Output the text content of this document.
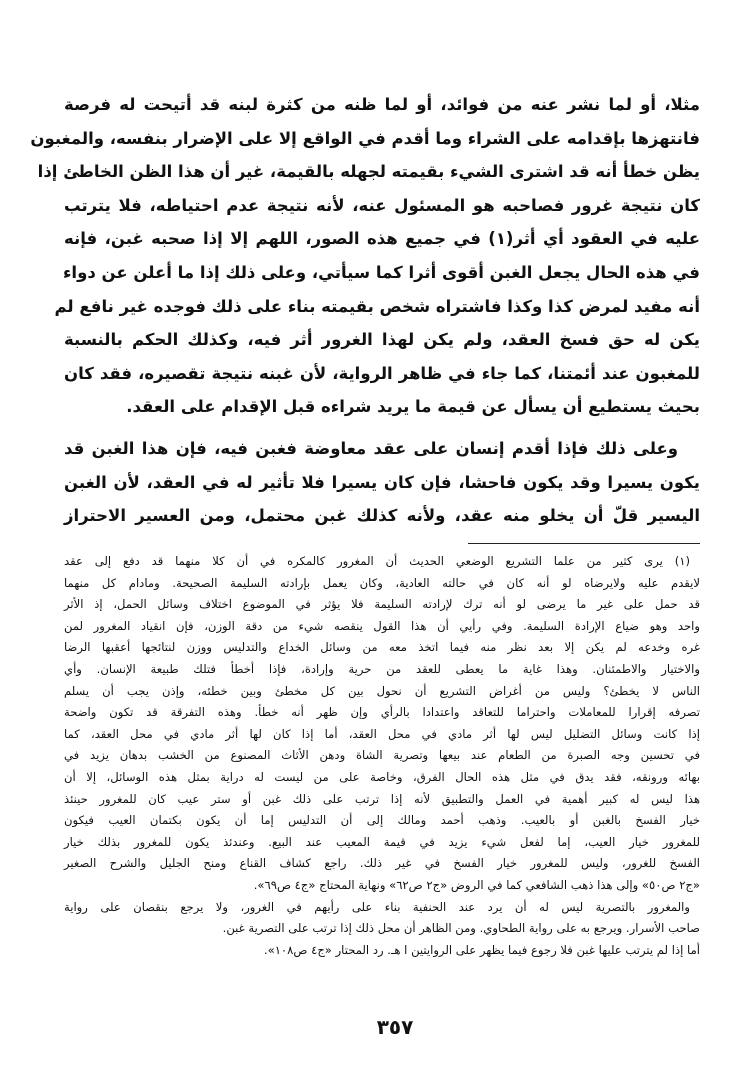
مثلا، أو لما نشر عنه من فوائد، أو لما ظنه من كثرة لبنه قد أتيحت له فرصة
فانتهزها بإقدامه على الشراء وما أقدم في الواقع إلا على الإضرار بنفسه، والمغبون
يظن خطأ أنه قد اشترى الشيء بقيمته لجهله بالقيمة، غير أن هذا الظن الخاطئ إذا
كان نتيجة غرور فصاحبه هو المسئول عنه، لأنه نتيجة عدم احتياطه، فلا يترتب
عليه في العقود أي أثر(١) في جميع هذه الصور، اللهم إلا إذا صحبه غبن، فإنه
في هذه الحال يجعل الغبن أقوى أثرا كما سيأتي، وعلى ذلك إذا ما أعلن عن دواء
أنه مفيد لمرض كذا وكذا فاشتراه شخص بقيمته بناء على ذلك فوجده غير نافع لم
يكن له حق فسخ العقد، ولم يكن لهذا الغرور أثر فيه، وكذلك الحكم بالنسبة
للمغبون عند أئمتنا، كما جاء في ظاهر الرواية، لأن غبنه نتيجة تقصيره، فقد كان
بحيث يستطيع أن يسأل عن قيمة ما يريد شراءه قبل الإقدام على العقد.
وعلى ذلك فإذا أقدم إنسان على عقد معاوضة فغبن فيه، فإن هذا الغبن قد
يكون يسيرا وقد يكون فاحشا، فإن كان يسيرا فلا تأثير له في العقد، لأن الغبن
اليسير قلّ أن يخلو منه عقد، ولأنه كذلك غبن محتمل، ومن العسير الاحتراز
(١) يرى كثير من علما التشريع الوضعي الحديث أن المغرور كالمكره في أن كلا منهما قد دفع إلى عقد
لايقدم عليه ولايرضاه لو أنه كان في حالته العادية، وكان يعمل بإرادته السليمة الصحيحة. ومادام كل منهما
قد حمل على غير ما يرضى لو أنه ترك لإرادته السليمة فلا يؤثر في الموضوع اختلاف وسائل الحمل، إذ الأثر
واحد وهو ضياع الإرادة السليمة. وفي رأيي أن هذا القول ينقصه شيء من دقة الوزن، فإن انقياد المغرور لمن
غره وخدعه لم يكن إلا بعد نظر منه فيما اتخذ معه من وسائل الخداع والتدليس ووزن لنتائجها أعقبها الرضا
والاختيار والاطمئنان. وهذا غاية ما يعطى للعقد من حرية وإرادة، فإذا أخطأ فتلك طبيعة الإنسان. وأي
الناس لا يخطئ؟ وليس من أغراض التشريع أن نحول بين كل مخطئ وبين خطئه، وإذن يجب أن يسلم
تصرفه إقرارا للمعاملات واحتراما للتعاقد واعتدادا بالرأي وإن ظهر أنه خطأ. وهذه التفرقة قد تكون واضحة
إذا كانت وسائل التضليل ليس لها أثر مادي في محل العقد، أما إذا كان لها أثر مادي في محل العقد، كما
في تحسين وجه الصبرة من الطعام عند بيعها وتصرية الشاة ودهن الأثاث المصنوع من الخشب بدهان يزيد في
بهائه ورونقه، فقد يدق في مثل هذه الحال الفرق، وخاصة على من ليست له دراية بمثل هذه الوسائل، إلا أن
هذا ليس له كبير أهمية في العمل والتطبيق لأنه إذا ترتب على ذلك غبن أو ستر عيب كان للمغرور حينئذ
خيار الفسخ بالغبن أو بالعيب. وذهب أحمد ومالك إلى أن التدليس إما أن يكون بكتمان العيب فيكون
للمغرور خيار العيب، إما لفعل شيء يزيد في قيمة المعيب عند البيع. وعندئذ يكون للمغرور بذلك خيار
الفسخ للغرور، وليس للمغرور خيار الفسخ في غير ذلك. راجع كشاف القناع ومنح الجليل والشرح الصغير
«ج٢ ص٥٠» وإلى هذا ذهب الشافعي كما في الروض «ج٢ ص٦٢» ونهاية المحتاج «ج٤ ص٦٩».
والمغرور بالتصرية ليس له أن يرد عند الحنفية بناء على رأيهم في الغرور، ولا يرجع بنقصان على رواية
صاحب الأسرار. ويرجع به على رواية الطحاوي. ومن الظاهر أن محل ذلك إذا ترتب على التصرية غبن.
أما إذا لم يترتب عليها غبن فلا رجوع فيما يظهر على الروايتين ا هـ. رد المحتار «ج٤ ص١٠٨».
٣٥٧
